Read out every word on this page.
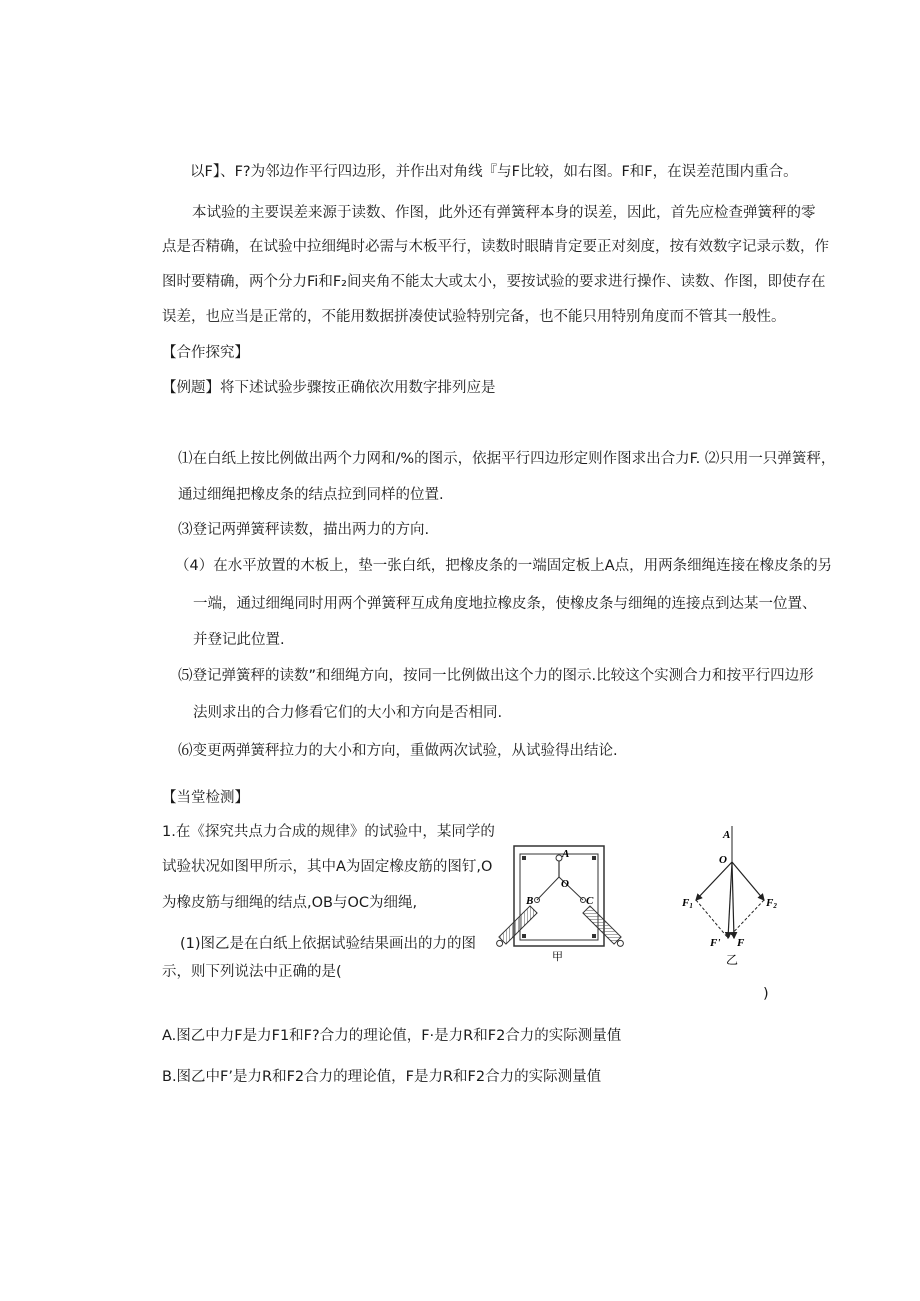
以F】、F?为邻边作平行四边形，并作出对角线『与F比较，如右图。F和F，在误差范围内重合。
本试验的主要误差来源于读数、作图，此外还有弹簧秤本身的误差，因此，首先应检查弹簧秤的零
点是否精确，在试验中拉细绳时必需与木板平行，读数时眼睛肯定要正对刻度，按有效数字记录示数，作
图时要精确，两个分力Fi和F₂间夹角不能太大或太小，要按试验的要求进行操作、读数、作图，即使存在
误差，也应当是正常的，不能用数据拼凑使试验特别完备，也不能只用特别角度而不管其一般性。
【合作探究】
【例题】将下述试验步骤按正确依次用数字排列应是
⑴在白纸上按比例做出两个力网和/%的图示，依据平行四边形定则作图求出合力F. ⑵只用一只弹簧秤，
通过细绳把橡皮条的结点拉到同样的位置.
⑶登记两弹簧秤读数，描出两力的方向.
（4）在水平放置的木板上，垫一张白纸，把橡皮条的一端固定板上A点，用两条细绳连接在橡皮条的另
一端，通过细绳同时用两个弹簧秤互成角度地拉橡皮条，使橡皮条与细绳的连接点到达某一位置、
并登记此位置.
⑸登记弹簧秤的读数”和细绳方向，按同一比例做出这个力的图示.比较这个实测合力和按平行四边形
法则求出的合力修看它们的大小和方向是否相同.
⑹变更两弹簧秤拉力的大小和方向，重做两次试验，从试验得出结论.
【当堂检测】
1.在《探究共点力合成的规律》的试验中，某同学的
试验状况如图甲所示，其中A为固定橡皮筋的图钉,O
为橡皮筋与细绳的结点,OB与OC为细绳,
(1)图乙是在白纸上依据试验结果画出的力的图
示，则下列说法中正确的是(
)
A.图乙中力F是力F1和F?合力的理论值，F·是力R和F2合力的实际测量值
B.图乙中F’是力R和F2合力的理论值，F是力R和F2合力的实际测量值
A
O
B	C
甲
A
O
F1	F2
F' F
乙
